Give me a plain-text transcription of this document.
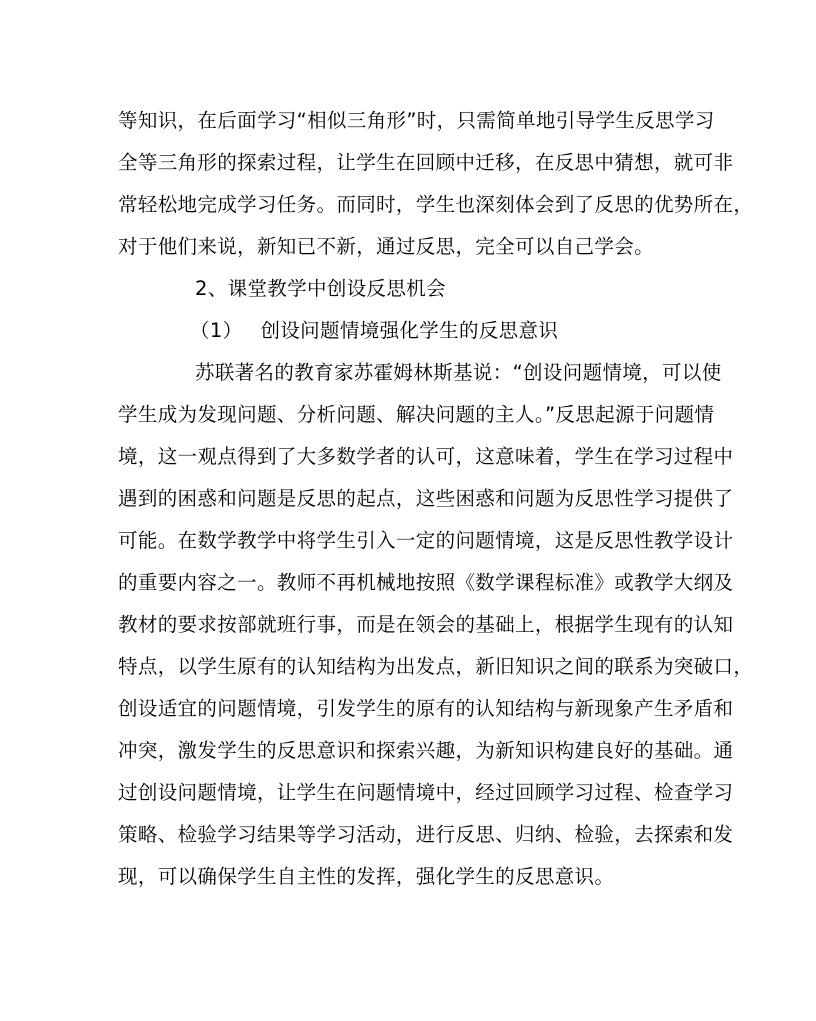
等知识，在后面学习“相似三角形”时，只需简单地引导学生反思学习
全等三角形的探索过程，让学生在回顾中迁移，在反思中猜想，就可非
常轻松地完成学习任务。而同时，学生也深刻体会到了反思的优势所在，
对于他们来说，新知已不新，通过反思，完全可以自己学会。
2、课堂教学中创设反思机会
（1） 创设问题情境强化学生的反思意识
苏联著名的教育家苏霍姆林斯基说：“创设问题情境，可以使
学生成为发现问题、分析问题、解决问题的主人。”反思起源于问题情
境，这一观点得到了大多数学者的认可，这意味着，学生在学习过程中
遇到的困惑和问题是反思的起点，这些困惑和问题为反思性学习提供了
可能。在数学教学中将学生引入一定的问题情境，这是反思性教学设计
的重要内容之一。教师不再机械地按照《数学课程标准》或教学大纲及
教材的要求按部就班行事，而是在领会的基础上，根据学生现有的认知
特点，以学生原有的认知结构为出发点，新旧知识之间的联系为突破口，
创设适宜的问题情境，引发学生的原有的认知结构与新现象产生矛盾和
冲突，激发学生的反思意识和探索兴趣，为新知识构建良好的基础。通
过创设问题情境，让学生在问题情境中，经过回顾学习过程、检查学习
策略、检验学习结果等学习活动，进行反思、归纳、检验，去探索和发
现，可以确保学生自主性的发挥，强化学生的反思意识。
